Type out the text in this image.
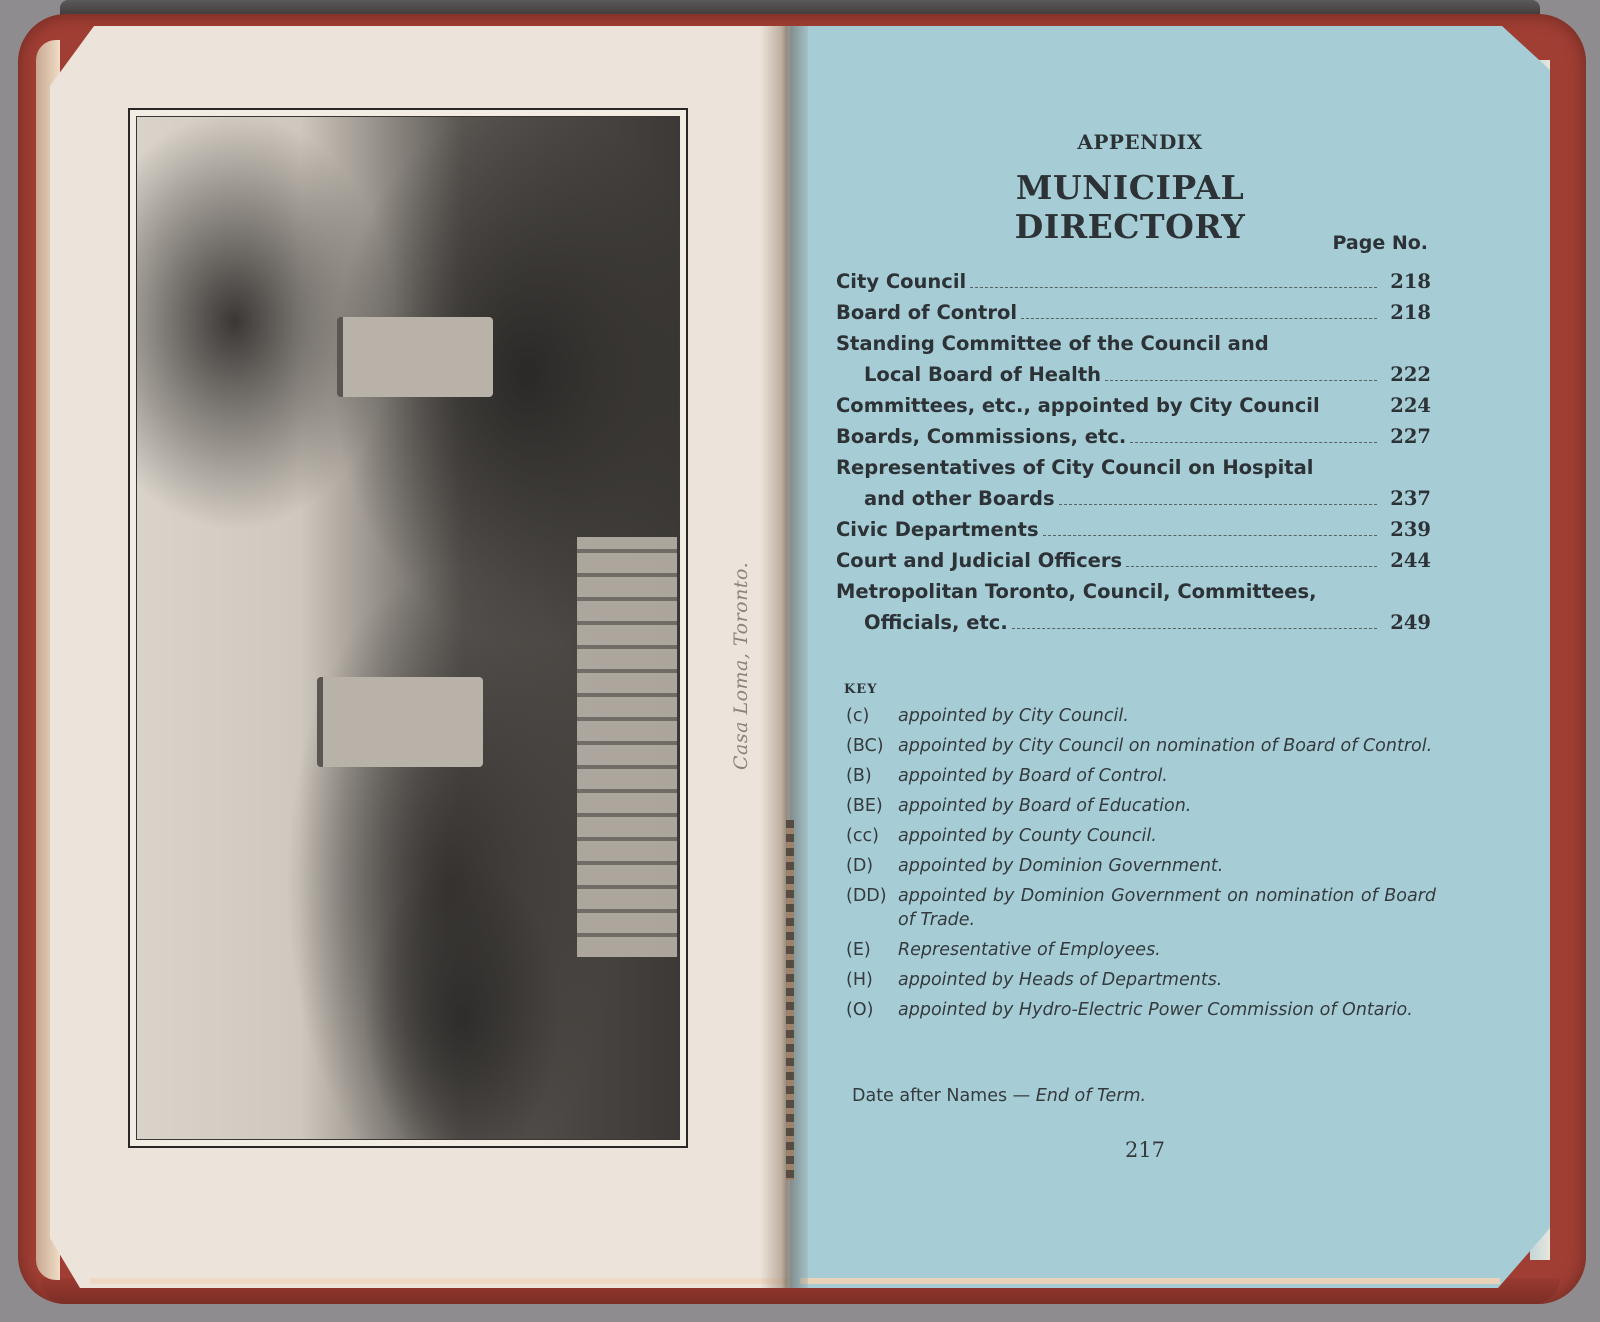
Casa Loma, Toronto.
APPENDIX
MUNICIPAL DIRECTORY	Page No.
City Council	218
Board of Control	218
Standing Committee of the Council and
Local Board of Health	222
Committees, etc., appointed by City Council	224
Boards, Commissions, etc.	227
Representatives of City Council on Hospital
and other Boards	237
Civic Departments	239
Court and Judicial Officers	244
Metropolitan Toronto, Council, Committees,
Officials, etc.	249
KEY
(c)	appointed by City Council.
(BC) appointed by City Council on nomination of Board of Control.
(B)	appointed by Board of Control.
(BE) appointed by Board of Education.
(cc)	appointed by County Council.
(D)	appointed by Dominion Government.
(DD) appointed by Dominion Government on nomination of Board of Trade.
(E)	Representative of Employees.
(H)	appointed by Heads of Departments.
(O)	appointed by Hydro-Electric Power Commission of Ontario.
Date after Names — End of Term.
217
